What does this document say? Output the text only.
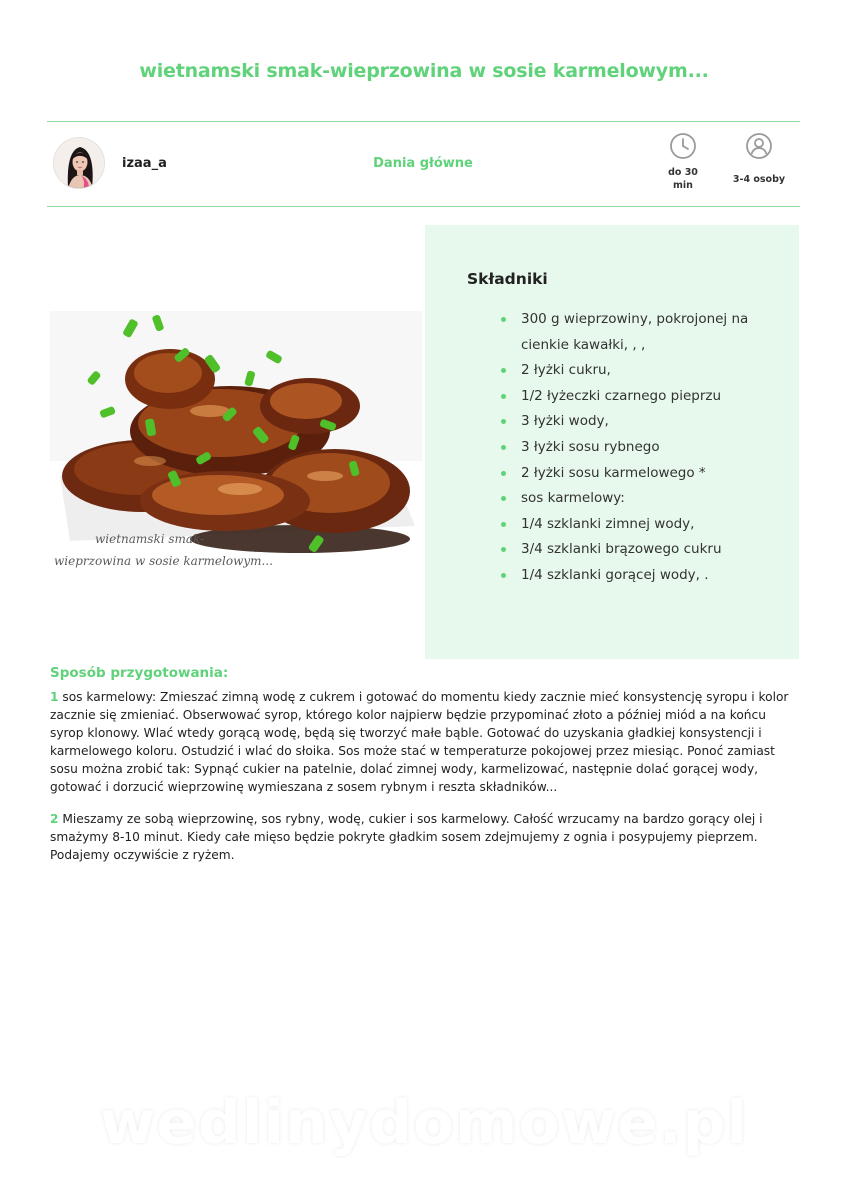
wietnamski smak-wieprzowina w sosie karmelowym...
izaa_a	Dania główne
do 30
min
3-4 osoby
wietnamski smak-
wieprzowina w sosie karmelowym...
Składniki
300 g wieprzowiny, pokrojonej na cienkie kawałki, , ,
2 łyżki cukru,
1/2 łyżeczki czarnego pieprzu
3 łyżki wody,
3 łyżki sosu rybnego
2 łyżki sosu karmelowego *
sos karmelowy:
1/4 szklanki zimnej wody,
3/4 szklanki brązowego cukru
1/4 szklanki gorącej wody, .
Sposób przygotowania:
1 sos karmelowy: Zmieszać zimną wodę z cukrem i gotować do momentu kiedy zacznie mieć konsystencję syropu i kolor zacznie się zmieniać. Obserwować syrop, którego kolor najpierw będzie przypominać złoto a później miód a na końcu syrop klonowy. Wlać wtedy gorącą wodę, będą się tworzyć małe bąble. Gotować do uzyskania gładkiej konsystencji i karmelowego koloru. Ostudzić i wlać do słoika. Sos może stać w temperaturze pokojowej przez miesiąc. Ponoć zamiast sosu można zrobić tak: Sypnąć cukier na patelnie, dolać zimnej wody, karmelizować, następnie dolać gorącej wody, gotować i dorzucić wieprzowinę wymieszana z sosem rybnym i reszta składników...
2 Mieszamy ze sobą wieprzowinę, sos rybny, wodę, cukier i sos karmelowy. Całość wrzucamy na bardzo gorący olej i smażymy 8-10 minut. Kiedy całe mięso będzie pokryte gładkim sosem zdejmujemy z ognia i posypujemy pieprzem. Podajemy oczywiście z ryżem.
wedlinydomowe.pl
